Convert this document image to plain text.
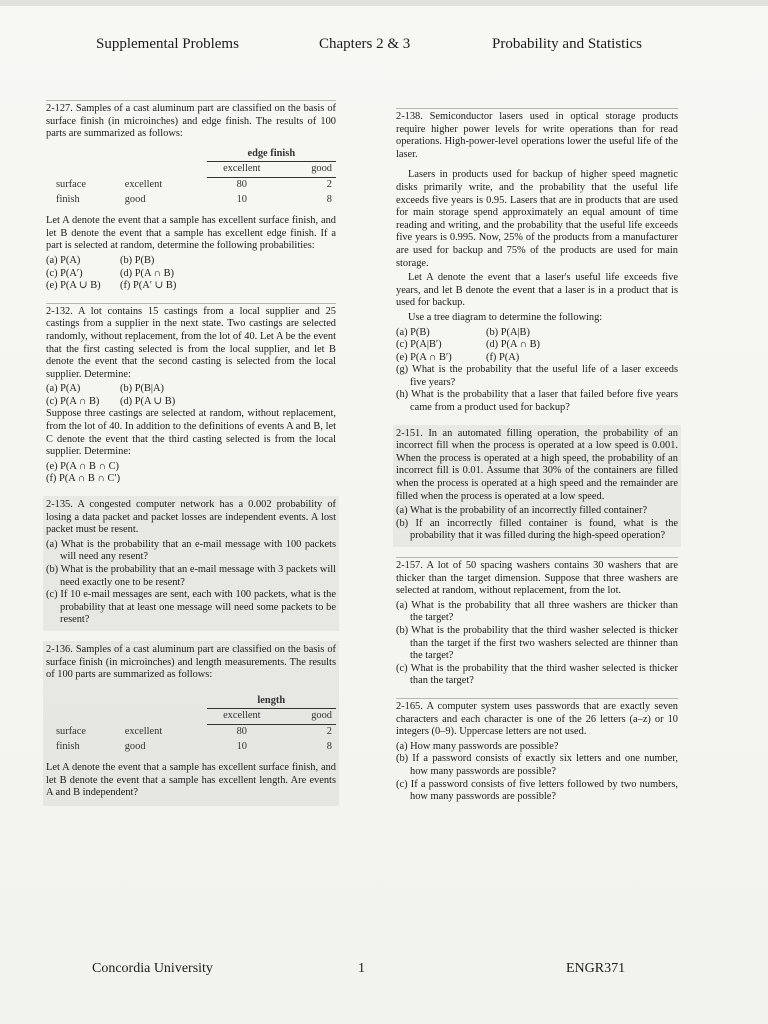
Supplemental Problems	Chapters 2 & 3	Probability and Statistics

2-127. Samples of a cast aluminum part are classified on the basis of surface finish (in microinches) and edge finish. The results of 100 parts are summarized as follows:

		edge finish	
		excellent	good
surface	excellent	80	2
finish	good	10	8

Let A denote the event that a sample has excellent surface finish, and let B denote the event that a sample has excellent edge finish. If a part is selected at random, determine the following probabilities:

(a) P(A)	(b) P(B)
(c) P(A′)	(d) P(A ∩ B)
(e) P(A ∪ B)	(f) P(A′ ∪ B)

2-132. A lot contains 15 castings from a local supplier and 25 castings from a supplier in the next state. Two castings are selected randomly, without replacement, from the lot of 40. Let A be the event that the first casting selected is from the local supplier, and let B denote the event that the second casting is selected from the local supplier. Determine:

(a) P(A)	(b) P(B|A)
(c) P(A ∩ B)	(d) P(A ∪ B)

Suppose three castings are selected at random, without replacement, from the lot of 40. In addition to the definitions of events A and B, let C denote the event that the third casting selected is from the local supplier. Determine:

(e) P(A ∩ B ∩ C)

(f) P(A ∩ B ∩ C′)

2-135. A congested computer network has a 0.002 probability of losing a data packet and packet losses are independent events. A lost packet must be resent.

(a) What is the probability that an e-mail message with 100 packets will need any resent?

(b) What is the probability that an e-mail message with 3 packets will need exactly one to be resent?

(c) If 10 e-mail messages are sent, each with 100 packets, what is the probability that at least one message will need some packets to be resent?

2-136. Samples of a cast aluminum part are classified on the basis of surface finish (in microinches) and length measurements. The results of 100 parts are summarized as follows:

		length	
		excellent	good
surface	excellent	80	2
finish	good	10	8

Let A denote the event that a sample has excellent surface finish, and let B denote the event that a sample has excellent length. Are events A and B independent?

2-138. Semiconductor lasers used in optical storage products require higher power levels for write operations than for read operations. High-power-level operations lower the useful life of the laser.

Lasers in products used for backup of higher speed magnetic disks primarily write, and the probability that the useful life exceeds five years is 0.95. Lasers that are in products that are used for main storage spend approximately an equal amount of time reading and writing, and the probability that the useful life exceeds five years is 0.995. Now, 25% of the products from a manufacturer are used for backup and 75% of the products are used for main storage.

Let A denote the event that a laser's useful life exceeds five years, and let B denote the event that a laser is in a product that is used for backup.

Use a tree diagram to determine the following:

(a) P(B)	(b) P(A|B)
(c) P(A|B′)	(d) P(A ∩ B)
(e) P(A ∩ B′)	(f) P(A)

(g) What is the probability that the useful life of a laser exceeds five years?

(h) What is the probability that a laser that failed before five years came from a product used for backup?

2-151. In an automated filling operation, the probability of an incorrect fill when the process is operated at a low speed is 0.001. When the process is operated at a high speed, the probability of an incorrect fill is 0.01. Assume that 30% of the containers are filled when the process is operated at a high speed and the remainder are filled when the process is operated at a low speed.

(a) What is the probability of an incorrectly filled container?

(b) If an incorrectly filled container is found, what is the probability that it was filled during the high-speed operation?

2-157. A lot of 50 spacing washers contains 30 washers that are thicker than the target dimension. Suppose that three washers are selected at random, without replacement, from the lot.

(a) What is the probability that all three washers are thicker than the target?

(b) What is the probability that the third washer selected is thicker than the target if the first two washers selected are thinner than the target?

(c) What is the probability that the third washer selected is thicker than the target?

2-165. A computer system uses passwords that are exactly seven characters and each character is one of the 26 letters (a–z) or 10 integers (0–9). Uppercase letters are not used.

(a) How many passwords are possible?

(b) If a password consists of exactly six letters and one number, how many passwords are possible?

(c) If a password consists of five letters followed by two numbers, how many passwords are possible?

Concordia University	1	ENGR371
